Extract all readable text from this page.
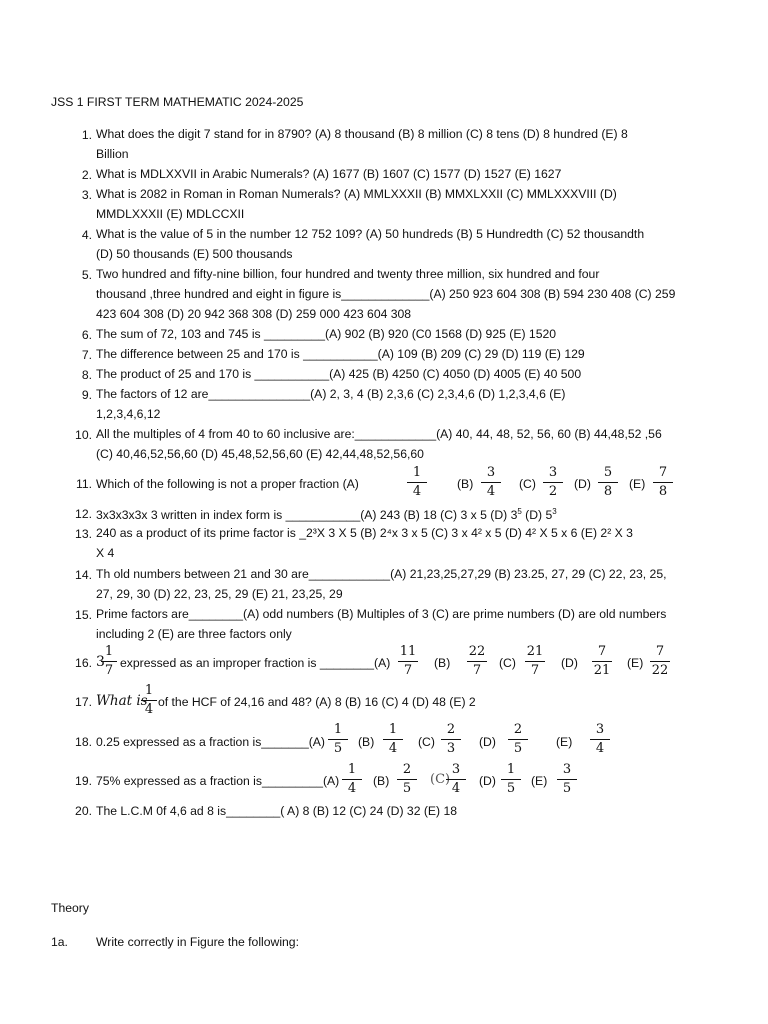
JSS 1 FIRST TERM MATHEMATIC 2024-2025
1. What does the digit 7 stand for in 8790? (A) 8 thousand (B) 8 million (C) 8 tens (D) 8 hundred (E) 8
Billion
2. What is MDLXXVII in Arabic Numerals? (A) 1677 (B) 1607 (C) 1577 (D) 1527 (E) 1627
3. What is 2082 in Roman in Roman Numerals? (A) MMLXXXII (B) MMXLXXII (C) MMLXXXVIII (D)
MMDLXXXII (E) MDLCCXII
4. What is the value of 5 in the number 12 752 109? (A) 50 hundreds (B) 5 Hundredth (C) 52 thousandth
(D) 50 thousands (E) 500 thousands
5. Two hundred and fifty-nine billion, four hundred and twenty three million, six hundred and four
thousand ,three hundred and eight in figure is_____________(A) 250 923 604 308 (B) 594 230 408 (C) 259
423 604 308 (D) 20 942 368 308 (D) 259 000 423 604 308
6. The sum of 72, 103 and 745 is _________(A) 902 (B) 920 (C0 1568 (D) 925 (E) 1520
7. The difference between 25 and 170 is ___________(A) 109 (B) 209 (C) 29 (D) 119 (E) 129
8. The product of 25 and 170 is ___________(A) 425 (B) 4250 (C) 4050 (D) 4005 (E) 40 500
9. The factors of 12 are_______________(A) 2, 3, 4 (B) 2,3,6 (C) 2,3,4,6 (D) 1,2,3,4,6 (E)
1,2,3,4,6,12
10. All the multiples of 4 from 40 to 60 inclusive are:____________(A) 40, 44, 48, 52, 56, 60 (B) 44,48,52 ,56
(C) 40,46,52,56,60 (D) 45,48,52,56,60 (E) 42,44,48,52,56,60
11. Which of the following is not a proper fraction (A)
1
4	(B)
3
4	(C)
3
2	(D)
5
8	(E)
7
8
12. 3x3x3x3x 3 written in index form is ___________(A) 243 (B) 18 (C) 3 x 5 (D) $3^5$ (D) $5^3$
13. 240 as a product of its prime factor is _2³X 3 X 5 (B) 2⁴x 3 x 5 (C) 3 x 4² x 5 (D) 4² X 5 x 6 (E) 2² X 3
X 4
14. Th old numbers between 21 and 30 are____________(A) 21,23,25,27,29 (B) 23.25, 27, 29 (C) 22, 23, 25,
27, 29, 30 (D) 22, 23, 25, 29 (E) 21, 23,25, 29
15. Prime factors are________(A) odd numbers (B) Multiples of 3 (C) are prime numbers (D) are old numbers
including 2 (E) are three factors only
16. 3
1
7 expressed as an improper fraction is ________(A)
11
7	(B)
22
7	(C)
21
7	(D)
7
21 (E)
7
22
17. What is
1
4 of the HCF of 24,16 and 48? (A) 8 (B) 16 (C) 4 (D) 48 (E) 2
18. 0.25 expressed as a fraction is_______(A)
1
5	(B)
1
4	(C)
2
3	(D)
2
5	(E)
3
4
19. 75% expressed as a fraction is_________(A)
1
4	(B)
2
5
(C)
3
4	(D)
1
5	(E)
3
5
20. The L.C.M 0f 4,6 ad 8 is________( A) 8 (B) 12 (C) 24 (D) 32 (E) 18
Theory
1a. Write correctly in Figure the following:
